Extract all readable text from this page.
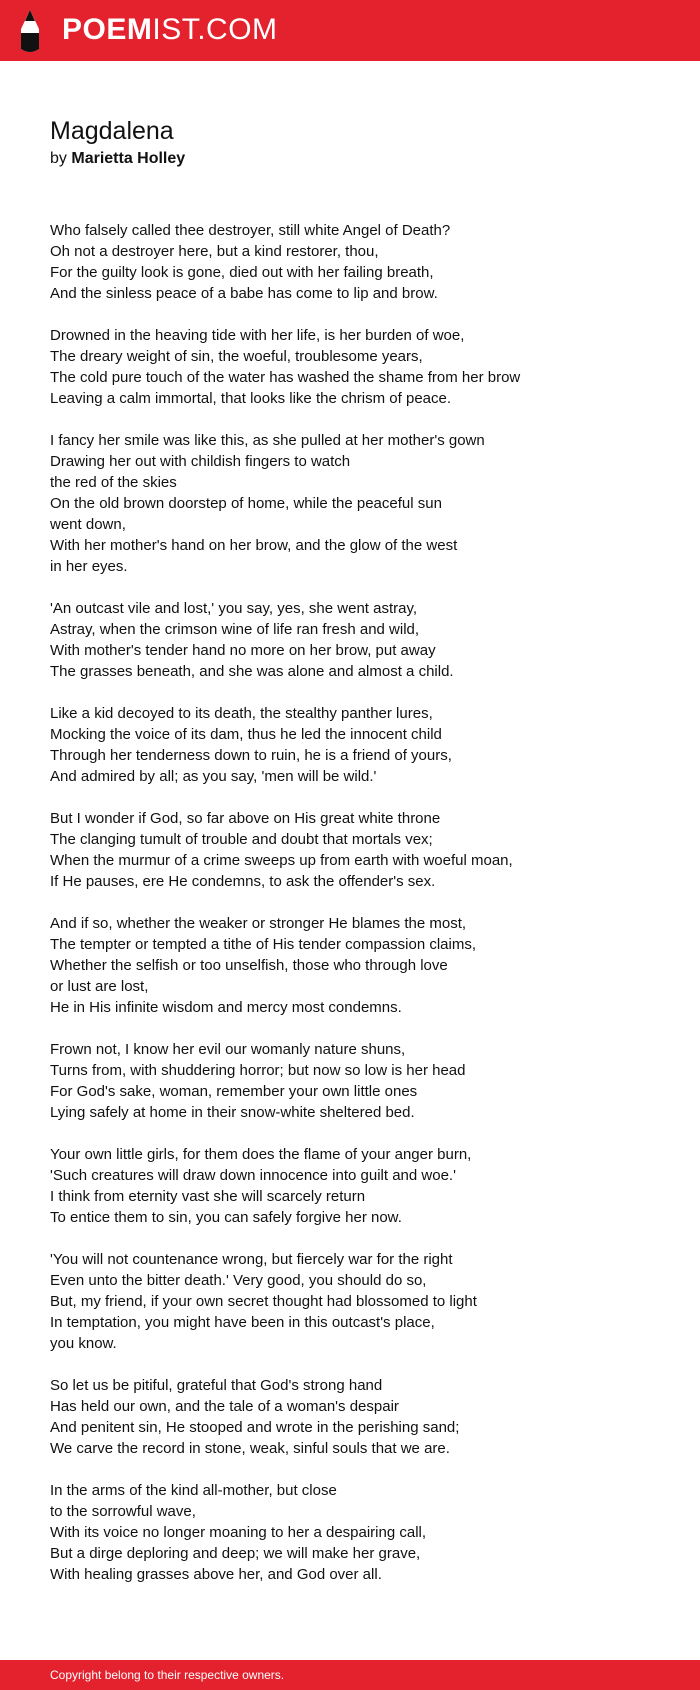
POEMIST.COM
Magdalena
by Marietta Holley
Who falsely called thee destroyer, still white Angel of Death?
Oh not a destroyer here, but a kind restorer, thou,
For the guilty look is gone, died out with her failing breath,
And the sinless peace of a babe has come to lip and brow.
Drowned in the heaving tide with her life, is her burden of woe,
The dreary weight of sin, the woeful, troublesome years,
The cold pure touch of the water has washed the shame from her brow
Leaving a calm immortal, that looks like the chrism of peace.
I fancy her smile was like this, as she pulled at her mother's gown
Drawing her out with childish fingers to watch
the red of the skies
On the old brown doorstep of home, while the peaceful sun
went down,
With her mother's hand on her brow, and the glow of the west
in her eyes.
'An outcast vile and lost,' you say, yes, she went astray,
Astray, when the crimson wine of life ran fresh and wild,
With mother's tender hand no more on her brow, put away
The grasses beneath, and she was alone and almost a child.
Like a kid decoyed to its death, the stealthy panther lures,
Mocking the voice of its dam, thus he led the innocent child
Through her tenderness down to ruin, he is a friend of yours,
And admired by all; as you say, 'men will be wild.'
But I wonder if God, so far above on His great white throne
The clanging tumult of trouble and doubt that mortals vex;
When the murmur of a crime sweeps up from earth with woeful moan,
If He pauses, ere He condemns, to ask the offender's sex.
And if so, whether the weaker or stronger He blames the most,
The tempter or tempted a tithe of His tender compassion claims,
Whether the selfish or too unselfish, those who through love
or lust are lost,
He in His infinite wisdom and mercy most condemns.
Frown not, I know her evil our womanly nature shuns,
Turns from, with shuddering horror; but now so low is her head
For God's sake, woman, remember your own little ones
Lying safely at home in their snow-white sheltered bed.
Your own little girls, for them does the flame of your anger burn,
'Such creatures will draw down innocence into guilt and woe.'
I think from eternity vast she will scarcely return
To entice them to sin, you can safely forgive her now.
'You will not countenance wrong, but fiercely war for the right
Even unto the bitter death.' Very good, you should do so,
But, my friend, if your own secret thought had blossomed to light
In temptation, you might have been in this outcast's place,
you know.
So let us be pitiful, grateful that God's strong hand
Has held our own, and the tale of a woman's despair
And penitent sin, He stooped and wrote in the perishing sand;
We carve the record in stone, weak, sinful souls that we are.
In the arms of the kind all-mother, but close
to the sorrowful wave,
With its voice no longer moaning to her a despairing call,
But a dirge deploring and deep; we will make her grave,
With healing grasses above her, and God over all.
Copyright belong to their respective owners.
